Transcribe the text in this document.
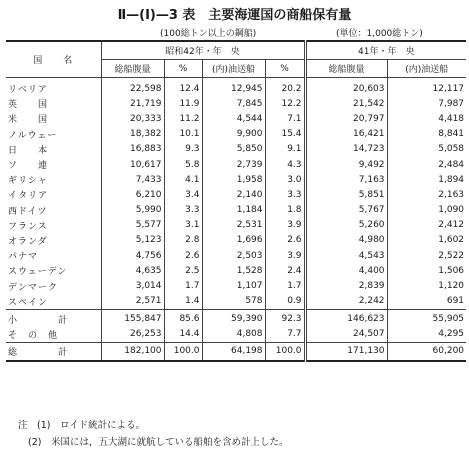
Ⅱ—(Ⅰ)—3 表　主要海運国の商船保有量
(100総トン以上の鋼船)	(単位：1,000総トン)
国　　名	昭和42年・年　央				41年・年　央	
	総船腹量	%	(内)油送船	%	総船腹量	(内)油送船
リベリア	22,598	12.4	12,945	20.2	20,603	12,117
英　　国	21,719	11.9	7,845	12.2	21,542	7,987
米　　国	20,333	11.2	4,544	7.1	20,797	4,418
ノルウェー	18,382	10.1	9,900	15.4	16,421	8,841
日　　本	16,883	9.3	5,850	9.1	14,723	5,058
ソ　　連	10,617	5.8	2,739	4.3	9,492	2,484
ギリシャ	7,433	4.1	1,958	3.0	7,163	1,894
イタリア	6,210	3.4	2,140	3.3	5,851	2,163
西ドイツ	5,990	3.3	1,184	1.8	5,767	1,090
フランス	5,577	3.1	2,531	3.9	5,260	2,412
オランダ	5,123	2.8	1,696	2.6	4,980	1,602
パナマ	4,756	2.6	2,503	3.9	4,543	2,522
スウェーデン	4,635	2.5	1,528	2.4	4,400	1,506
デンマーク	3,014	1.7	1,107	1.7	2,839	1,120
スペイン	2,571	1.4	578	0.9	2,242	691
小　　　　計	155,847	85.6	59,390	92.3	146,623	55,905
そ　の　他	26,253	14.4	4,808	7.7	24,507	4,295
総　　　　計	182,100	100.0	64,198	100.0	171,130	60,200
注　(1)　ロイド統計による。
(2)　米国には，五大湖に就航している船舶を含め計上した。
